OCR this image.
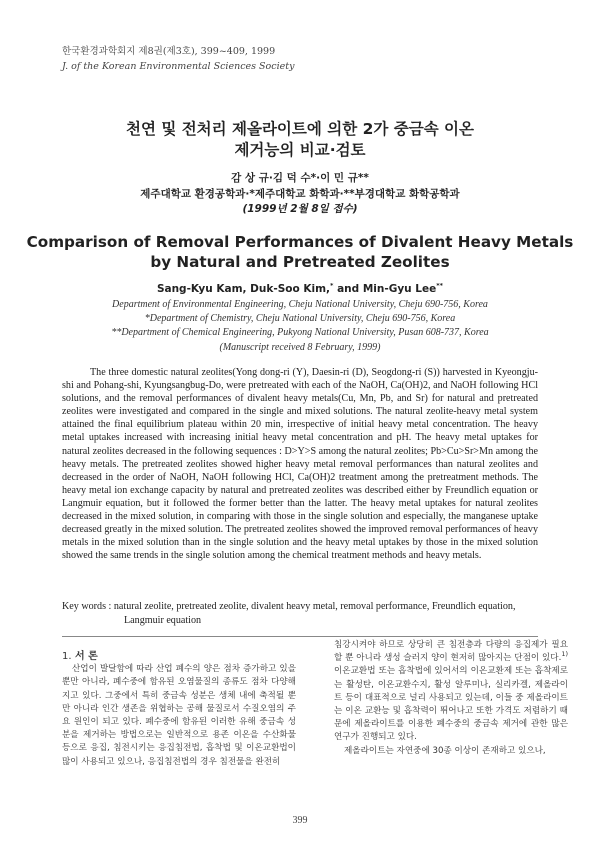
한국환경과학회지 제8권(제3호), 399~409, 1999
J. of the Korean Environmental Sciences Society
천연 및 전처리 제올라이트에 의한 2가 중금속 이온
제거능의 비교·검토
감 상 규·김 덕 수*·이 민 규**
제주대학교 환경공학과·*제주대학교 화학과·**부경대학교 화학공학과
(1999년 2월 8일 접수)
Comparison of Removal Performances of Divalent Heavy Metals
by Natural and Pretreated Zeolites
Sang-Kyu Kam, Duk-Soo Kim,* and Min-Gyu Lee**
Department of Environmental Engineering, Cheju National University, Cheju 690-756, Korea
*Department of Chemistry, Cheju National University, Cheju 690-756, Korea
**Department of Chemical Engineering, Pukyong National University, Pusan 608-737, Korea
(Manuscript received 8 February, 1999)
The three domestic natural zeolites(Yong dong-ri (Y), Daesin-ri (D), Seogdong-ri (S)) harvested in Kyeongju-shi and Pohang-shi, Kyungsangbug-Do, were pretreated with each of the NaOH, Ca(OH)2, and NaOH following HCl solutions, and the removal performances of divalent heavy metals(Cu, Mn, Pb, and Sr) for natural and pretreated zeolites were investigated and compared in the single and mixed solutions. The natural zeolite-heavy metal system attained the final equilibrium plateau within 20 min, irrespective of initial heavy metal concentration. The heavy metal uptakes increased with increasing initial heavy metal concentration and pH. The heavy metal uptakes for natural zeolites decreased in the following sequences : D>Y>S among the natural zeolites; Pb>Cu>Sr>Mn among the heavy metals. The pretreated zeolites showed higher heavy metal removal performances than natural zeolites and decreased in the order of NaOH, NaOH following HCl, Ca(OH)2 treatment among the pretreatment methods. The heavy metal ion exchange capacity by natural and pretreated zeolites was described either by Freundlich equation or Langmuir equation, but it followed the former better than the latter. The heavy metal uptakes for natural zeolites decreased in the mixed solution, in comparing with those in the single solution and especially, the manganese uptake decreased greatly in the mixed solution. The pretreated zeolites showed the improved removal performances of heavy metals in the mixed solution than in the single solution and the heavy metal uptakes by those in the mixed solution showed the same trends in the single solution among the chemical treatment methods and heavy metals.
Key words : natural zeolite, pretreated zeolite, divalent heavy metal, removal performance, Freundlich equation, Langmuir equation

1. 서 론

산업이 발달함에 따라 산업 폐수의 양은 점차 증가하고 있을 뿐만 아니라, 폐수중에 함유된 오염물질의 종류도 점차 다양해지고 있다. 그중에서 특히 중금속 성분은 생체 내에 축적될 뿐만 아니라 인간 생존을 위협하는 공해 물질로서 수질오염의 주요 원인이 되고 있다. 폐수중에 함유된 이러한 유해 중금속 성분을 제거하는 방법으로는 일반적으로 용존 이온을 수산화물 등으로 응집, 침전시키는 응집침전법, 흡착법 및 이온교환법이 많이 사용되고 있으나, 응집침전법의 경우 침전물을 완전히

침강시켜야 하므로 상당히 큰 침전층과 다량의 응집제가 필요할 뿐 아니라 생성 슬러지 양이 현저히 많아지는 단점이 있다.$^{1)}$ 이온교환법 또는 흡착법에 있어서의 이온교환제 또는 흡착제로는 활성탄, 이온교환수지, 활성 알루미나, 실리카겔, 제올라이트 등이 대표적으로 널리 사용되고 있는데, 이들 중 제올라이트는 이온 교환능 및 흡착력이 뛰어나고 또한 가격도 저렴하기 때문에 제올라이트를 이용한 폐수중의 중금속 제거에 관한 많은 연구가 진행되고 있다.

제올라이트는 자연중에 30종 이상이 존재하고 있으나,

399
